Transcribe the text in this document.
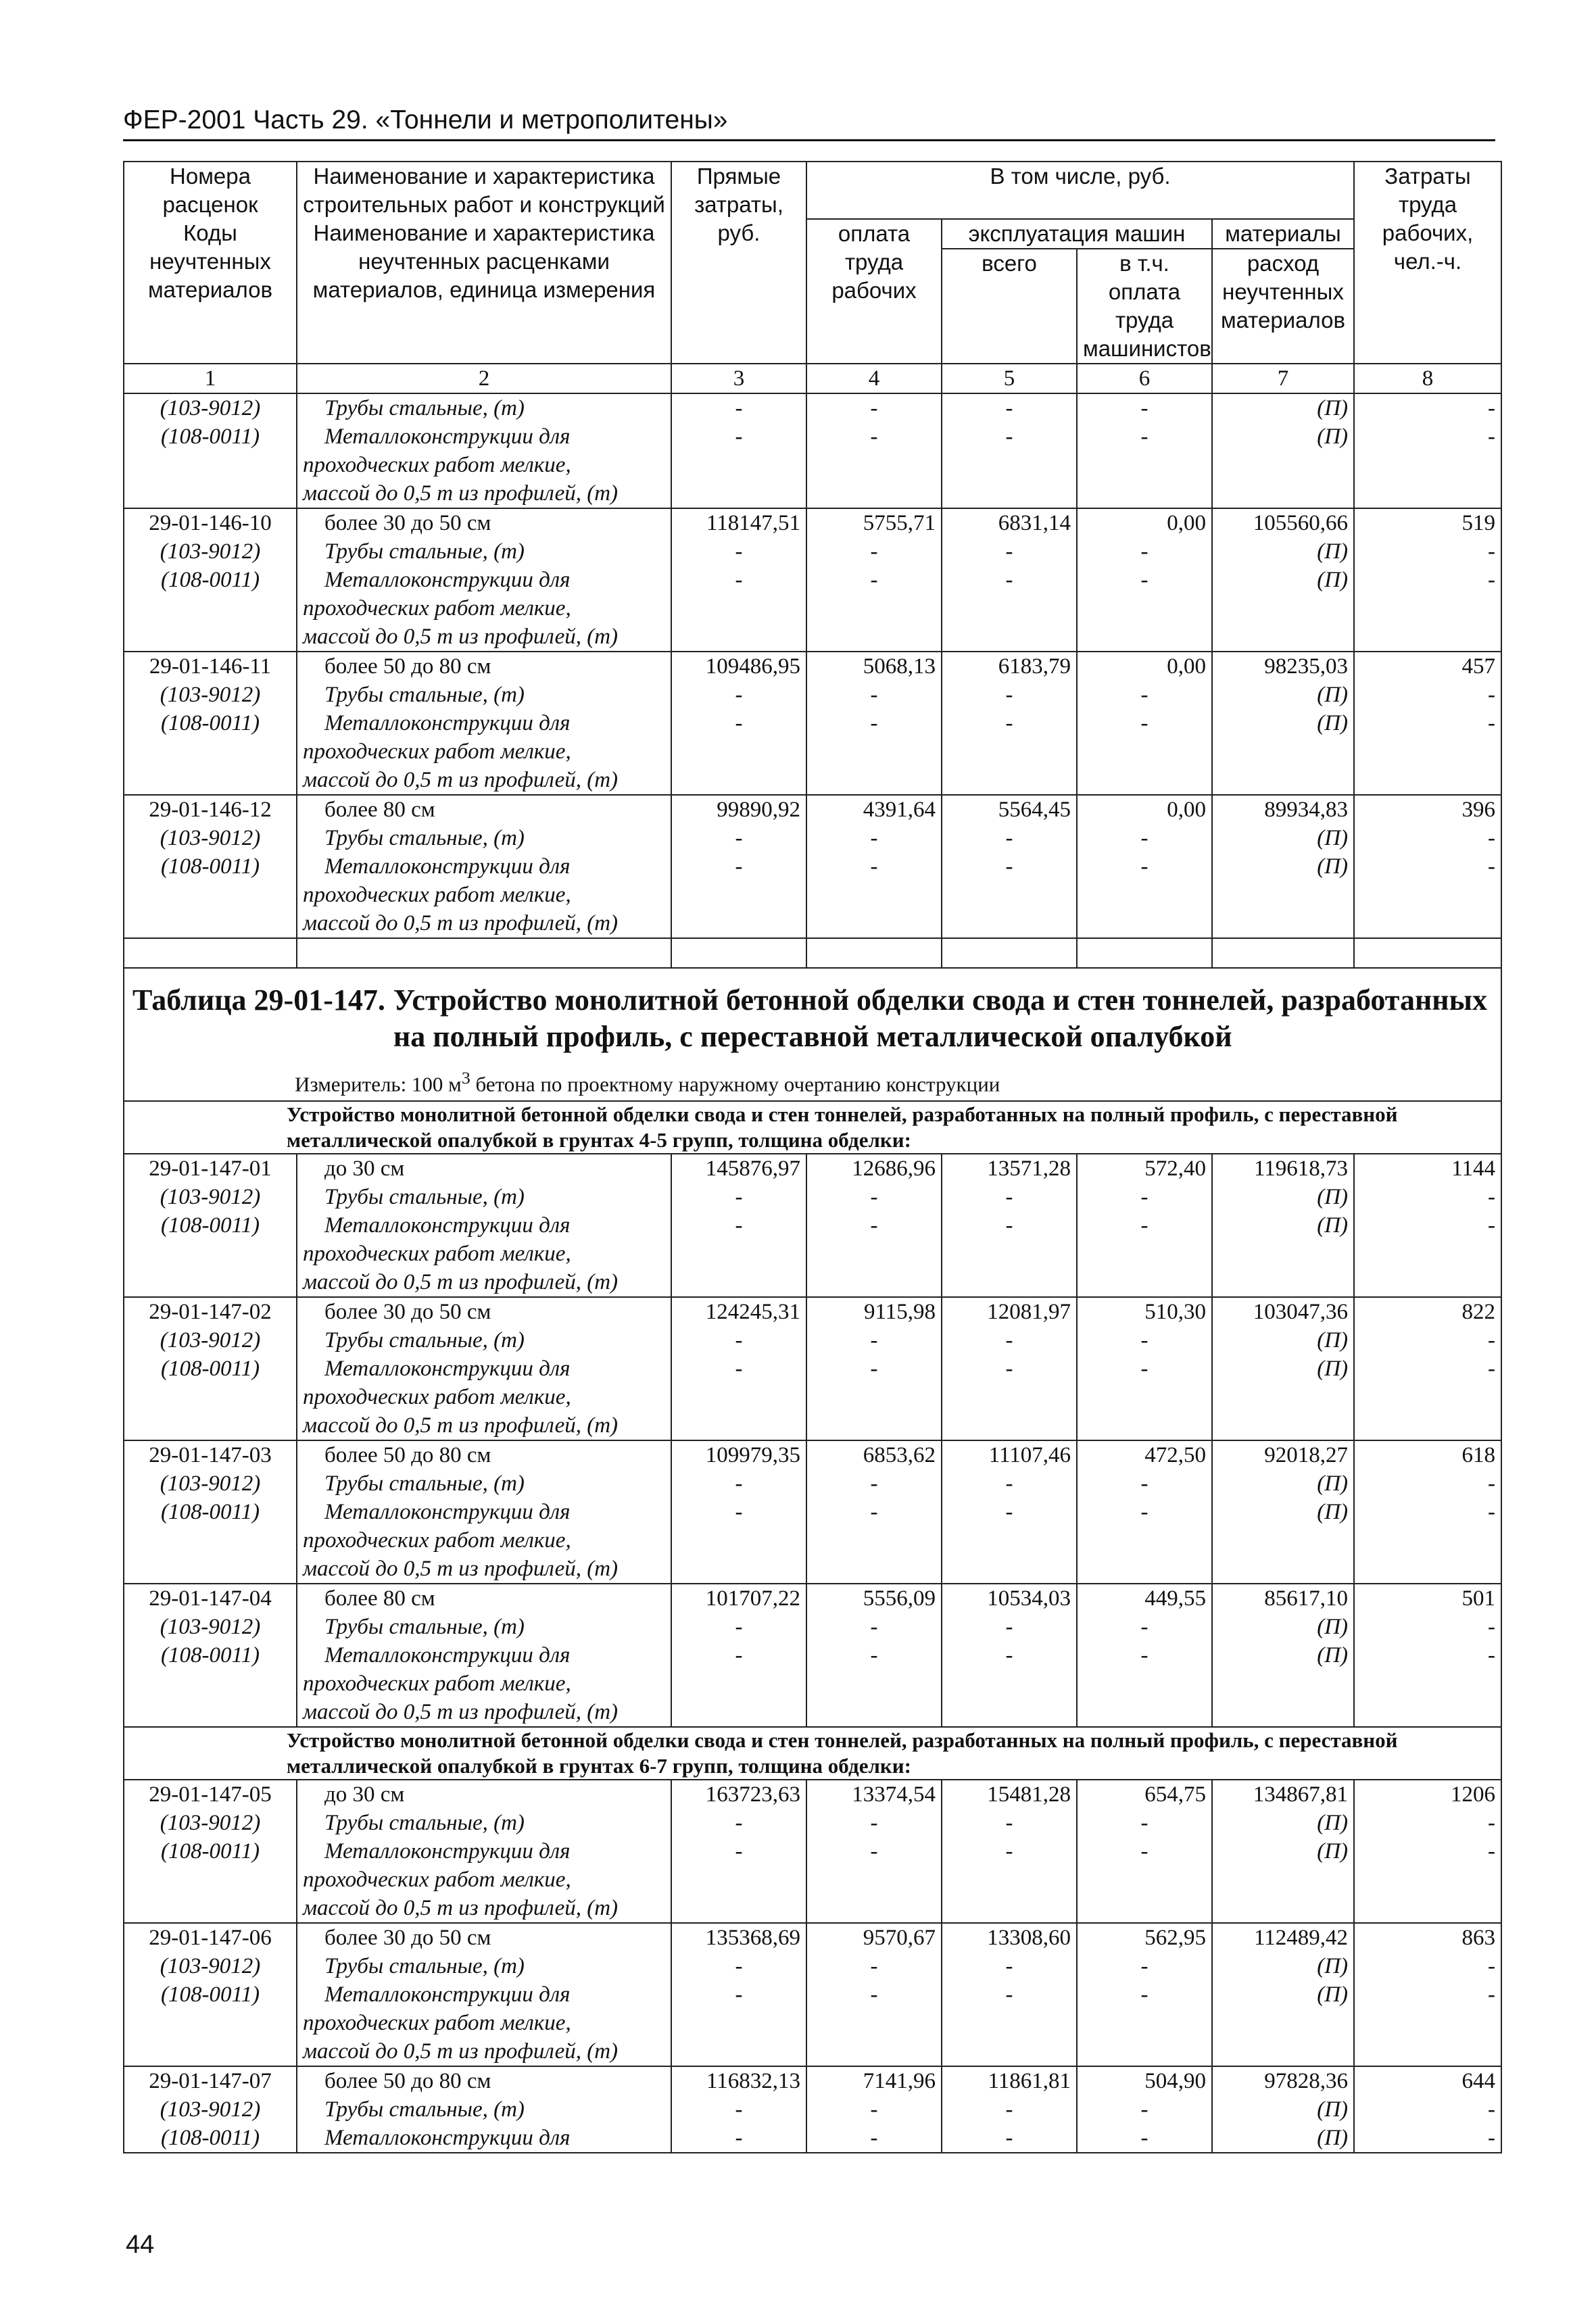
ФЕР-2001 Часть 29. «Тоннели и метрополитены»
Номера расценок	Наименование и характеристика строительных работ и конструкций	Прямые затраты, руб.	В том числе, руб.				Затраты труда рабочих, чел.-ч.
Коды неучтенных материалов	Наименование и характеристика неучтенных расценками материалов, единица измерения		оплата труда рабочих	эксплуатация машин		материалы	
				всего	в т.ч. оплата труда машинистов	расход неучтенных материалов	
1	2	3	4	5	6	7	8
(103-9012)	Трубы стальные, (т)	-	-	-	-	(П)	-
(108-0011)	Металлоконструкции для	-	-	-	-	(П)	-
	проходческих работ мелкие,						
	массой до 0,5 т из профилей, (т)						
29-01-146-10	более 30 до 50 см	118147,51	5755,71	6831,14	0,00	105560,66	519
(103-9012)	Трубы стальные, (т)	-	-	-	-	(П)	-
(108-0011)	Металлоконструкции для	-	-	-	-	(П)	-
	проходческих работ мелкие,						
	массой до 0,5 т из профилей, (т)						
29-01-146-11	более 50 до 80 см	109486,95	5068,13	6183,79	0,00	98235,03	457
(103-9012)	Трубы стальные, (т)	-	-	-	-	(П)	-
(108-0011)	Металлоконструкции для	-	-	-	-	(П)	-
	проходческих работ мелкие,						
	массой до 0,5 т из профилей, (т)						
29-01-146-12	более 80 см	99890,92	4391,64	5564,45	0,00	89934,83	396
(103-9012)	Трубы стальные, (т)	-	-	-	-	(П)	-
(108-0011)	Металлоконструкции для	-	-	-	-	(П)	-
	проходческих работ мелкие,						
	массой до 0,5 т из профилей, (т)						

Таблица 29-01-147. Устройство монолитной бетонной обделки свода и стен тоннелей, разработанных на полный профиль, с переставной металлической опалубкой
Измеритель: 100 $м^3$ бетона по проектному наружному очертанию конструкции							

Устройство монолитной бетонной обделки свода и стен тоннелей, разработанных на полный профиль, с переставной металлической опалубкой в грунтах 4-5 групп, толщина обделки:							
29-01-147-01	до 30 см	145876,97	12686,96	13571,28	572,40	119618,73	1144
(103-9012)	Трубы стальные, (т)	-	-	-	-	(П)	-
(108-0011)	Металлоконструкции для	-	-	-	-	(П)	-
	проходческих работ мелкие,						
	массой до 0,5 т из профилей, (т)						
29-01-147-02	более 30 до 50 см	124245,31	9115,98	12081,97	510,30	103047,36	822
(103-9012)	Трубы стальные, (т)	-	-	-	-	(П)	-
(108-0011)	Металлоконструкции для	-	-	-	-	(П)	-
	проходческих работ мелкие,						
	массой до 0,5 т из профилей, (т)						
29-01-147-03	более 50 до 80 см	109979,35	6853,62	11107,46	472,50	92018,27	618
(103-9012)	Трубы стальные, (т)	-	-	-	-	(П)	-
(108-0011)	Металлоконструкции для	-	-	-	-	(П)	-
	проходческих работ мелкие,						
	массой до 0,5 т из профилей, (т)						
29-01-147-04	более 80 см	101707,22	5556,09	10534,03	449,55	85617,10	501
(103-9012)	Трубы стальные, (т)	-	-	-	-	(П)	-
(108-0011)	Металлоконструкции для	-	-	-	-	(П)	-
	проходческих работ мелкие,						
	массой до 0,5 т из профилей, (т)						
Устройство монолитной бетонной обделки свода и стен тоннелей, разработанных на полный профиль, с переставной металлической опалубкой в грунтах 6-7 групп, толщина обделки:							
29-01-147-05	до 30 см	163723,63	13374,54	15481,28	654,75	134867,81	1206
(103-9012)	Трубы стальные, (т)	-	-	-	-	(П)	-
(108-0011)	Металлоконструкции для	-	-	-	-	(П)	-
	проходческих работ мелкие,						
	массой до 0,5 т из профилей, (т)						
29-01-147-06	более 30 до 50 см	135368,69	9570,67	13308,60	562,95	112489,42	863
(103-9012)	Трубы стальные, (т)	-	-	-	-	(П)	-
(108-0011)	Металлоконструкции для	-	-	-	-	(П)	-
	проходческих работ мелкие,						
	массой до 0,5 т из профилей, (т)						
29-01-147-07	более 50 до 80 см	116832,13	7141,96	11861,81	504,90	97828,36	644
(103-9012)	Трубы стальные, (т)	-	-	-	-	(П)	-
(108-0011)	Металлоконструкции для	-	-	-	-	(П)	-
44
